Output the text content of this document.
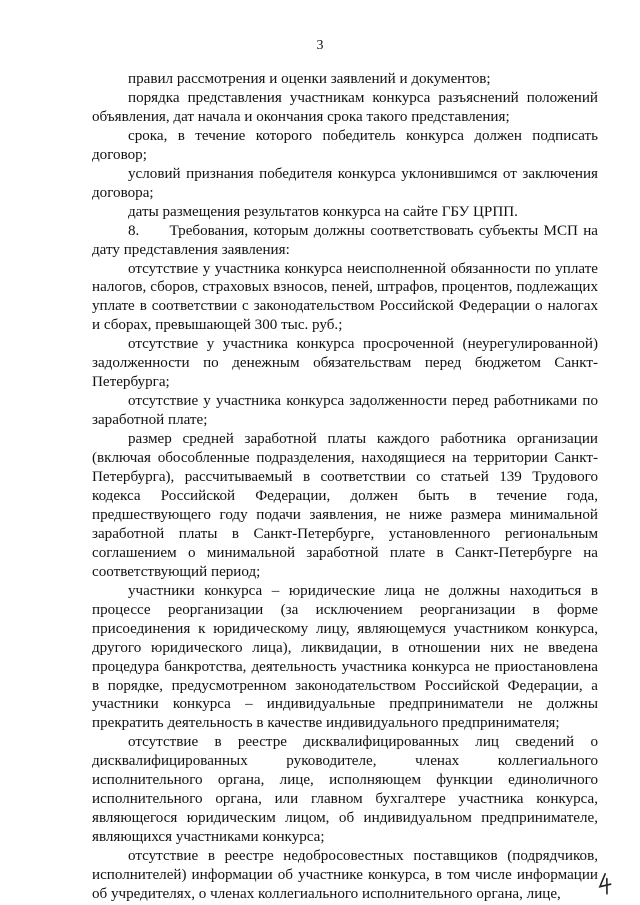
3

правил рассмотрения и оценки заявлений и документов;

порядка представления участникам конкурса разъяснений положений объявления, дат начала и окончания срока такого представления;

срока, в течение которого победитель конкурса должен подписать договор;

условий признания победителя конкурса уклонившимся от заключения договора;

даты размещения результатов конкурса на сайте ГБУ ЦРПП.

8.  Требования, которым должны соответствовать субъекты МСП на дату представления заявления:

отсутствие у участника конкурса неисполненной обязанности по уплате налогов, сборов, страховых взносов, пеней, штрафов, процентов, подлежащих уплате в соответствии с законодательством Российской Федерации о налогах и сборах, превышающей 300 тыс. руб.;

отсутствие у участника конкурса просроченной (неурегулированной) задолженности по денежным обязательствам перед бюджетом Санкт-Петербурга;

отсутствие у участника конкурса задолженности перед работниками по заработной плате;

размер средней заработной платы каждого работника организации (включая обособленные подразделения, находящиеся на территории Санкт-Петербурга), рассчитываемый в соответствии со статьей 139 Трудового кодекса Российской Федерации, должен быть в течение года, предшествующего году подачи заявления, не ниже размера минимальной заработной платы в Санкт-Петербурге, установленного региональным соглашением о минимальной заработной плате в Санкт-Петербурге на соответствующий период;

участники конкурса – юридические лица не должны находиться в процессе реорганизации (за исключением реорганизации в форме присоединения к юридическому лицу, являющемуся участником конкурса, другого юридического лица), ликвидации, в отношении них не введена процедура банкротства, деятельность участника конкурса не приостановлена в порядке, предусмотренном законодательством Российской Федерации, а участники конкурса – индивидуальные предприниматели не должны прекратить деятельность в качестве индивидуального предпринимателя;

отсутствие в реестре дисквалифицированных лиц сведений о дисквалифицированных руководителе, членах коллегиального исполнительного органа, лице, исполняющем функции единоличного исполнительного органа, или главном бухгалтере участника конкурса, являющегося юридическим лицом, об индивидуальном предпринимателе, являющихся участниками конкурса;

отсутствие в реестре недобросовестных поставщиков (подрядчиков, исполнителей) информации об участнике конкурса, в том числе информации об учредителях, о членах коллегиального исполнительного органа, лице,
